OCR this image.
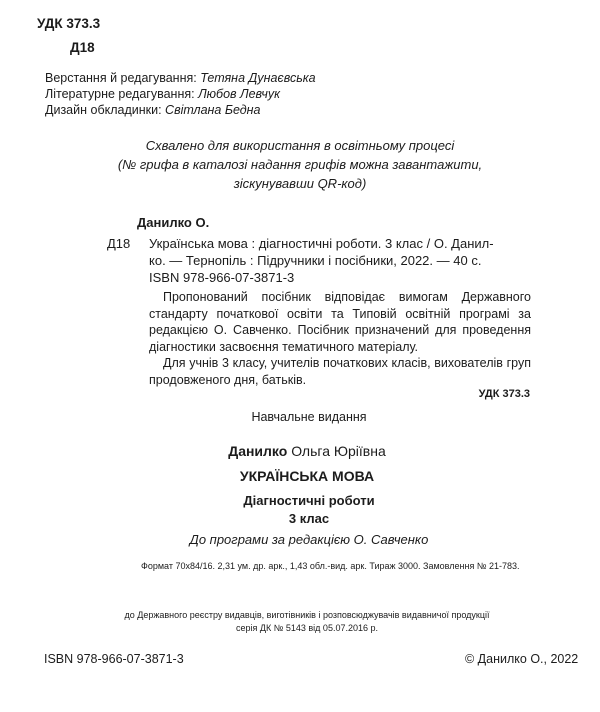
УДК 373.3
Д18
Верстання й редагування: Тетяна Дунаєвська
Літературне редагування: Любов Левчук
Дизайн обкладинки: Світлана Бедна
Схвалено для використання в освітньому процесі
(№ грифа в каталозі надання грифів можна завантажити,
зіскунувавши QR-код)
Данилко О.
Д18 Українська мова : діагностичні роботи. 3 клас / О. Данил-
ко. — Тернопіль : Підручники і посібники, 2022. — 40 с.
ISBN 978-966-07-3871-3
Пропонований посібник відповідає вимогам Державного стандарту початкової освіти та Типовій освітній програмі за редакцією О. Савченко. Посібник призначений для проведення діагностики засвоєння тематичного матеріалу.
Для учнів 3 класу, учителів початкових класів, вихователів груп продовженого дня, батьків.
УДК 373.3
Навчальне видання
Данилко Ольга Юріївна
УКРАЇНСЬКА МОВА
Діагностичні роботи
3 клас
До програми за редакцією О. Савченко
Формат 70x84/16. 2,31 ум. др. арк., 1,43 обл.-вид. арк. Тираж 3000. Замовлення № 21-783.
до Державного реєстру видавців, виготівників і розповсюджувачів видавничої продукції
серія ДК № 5143 від 05.07.2016 р.
ISBN 978-966-07-3871-3	© Данилко О., 2022
